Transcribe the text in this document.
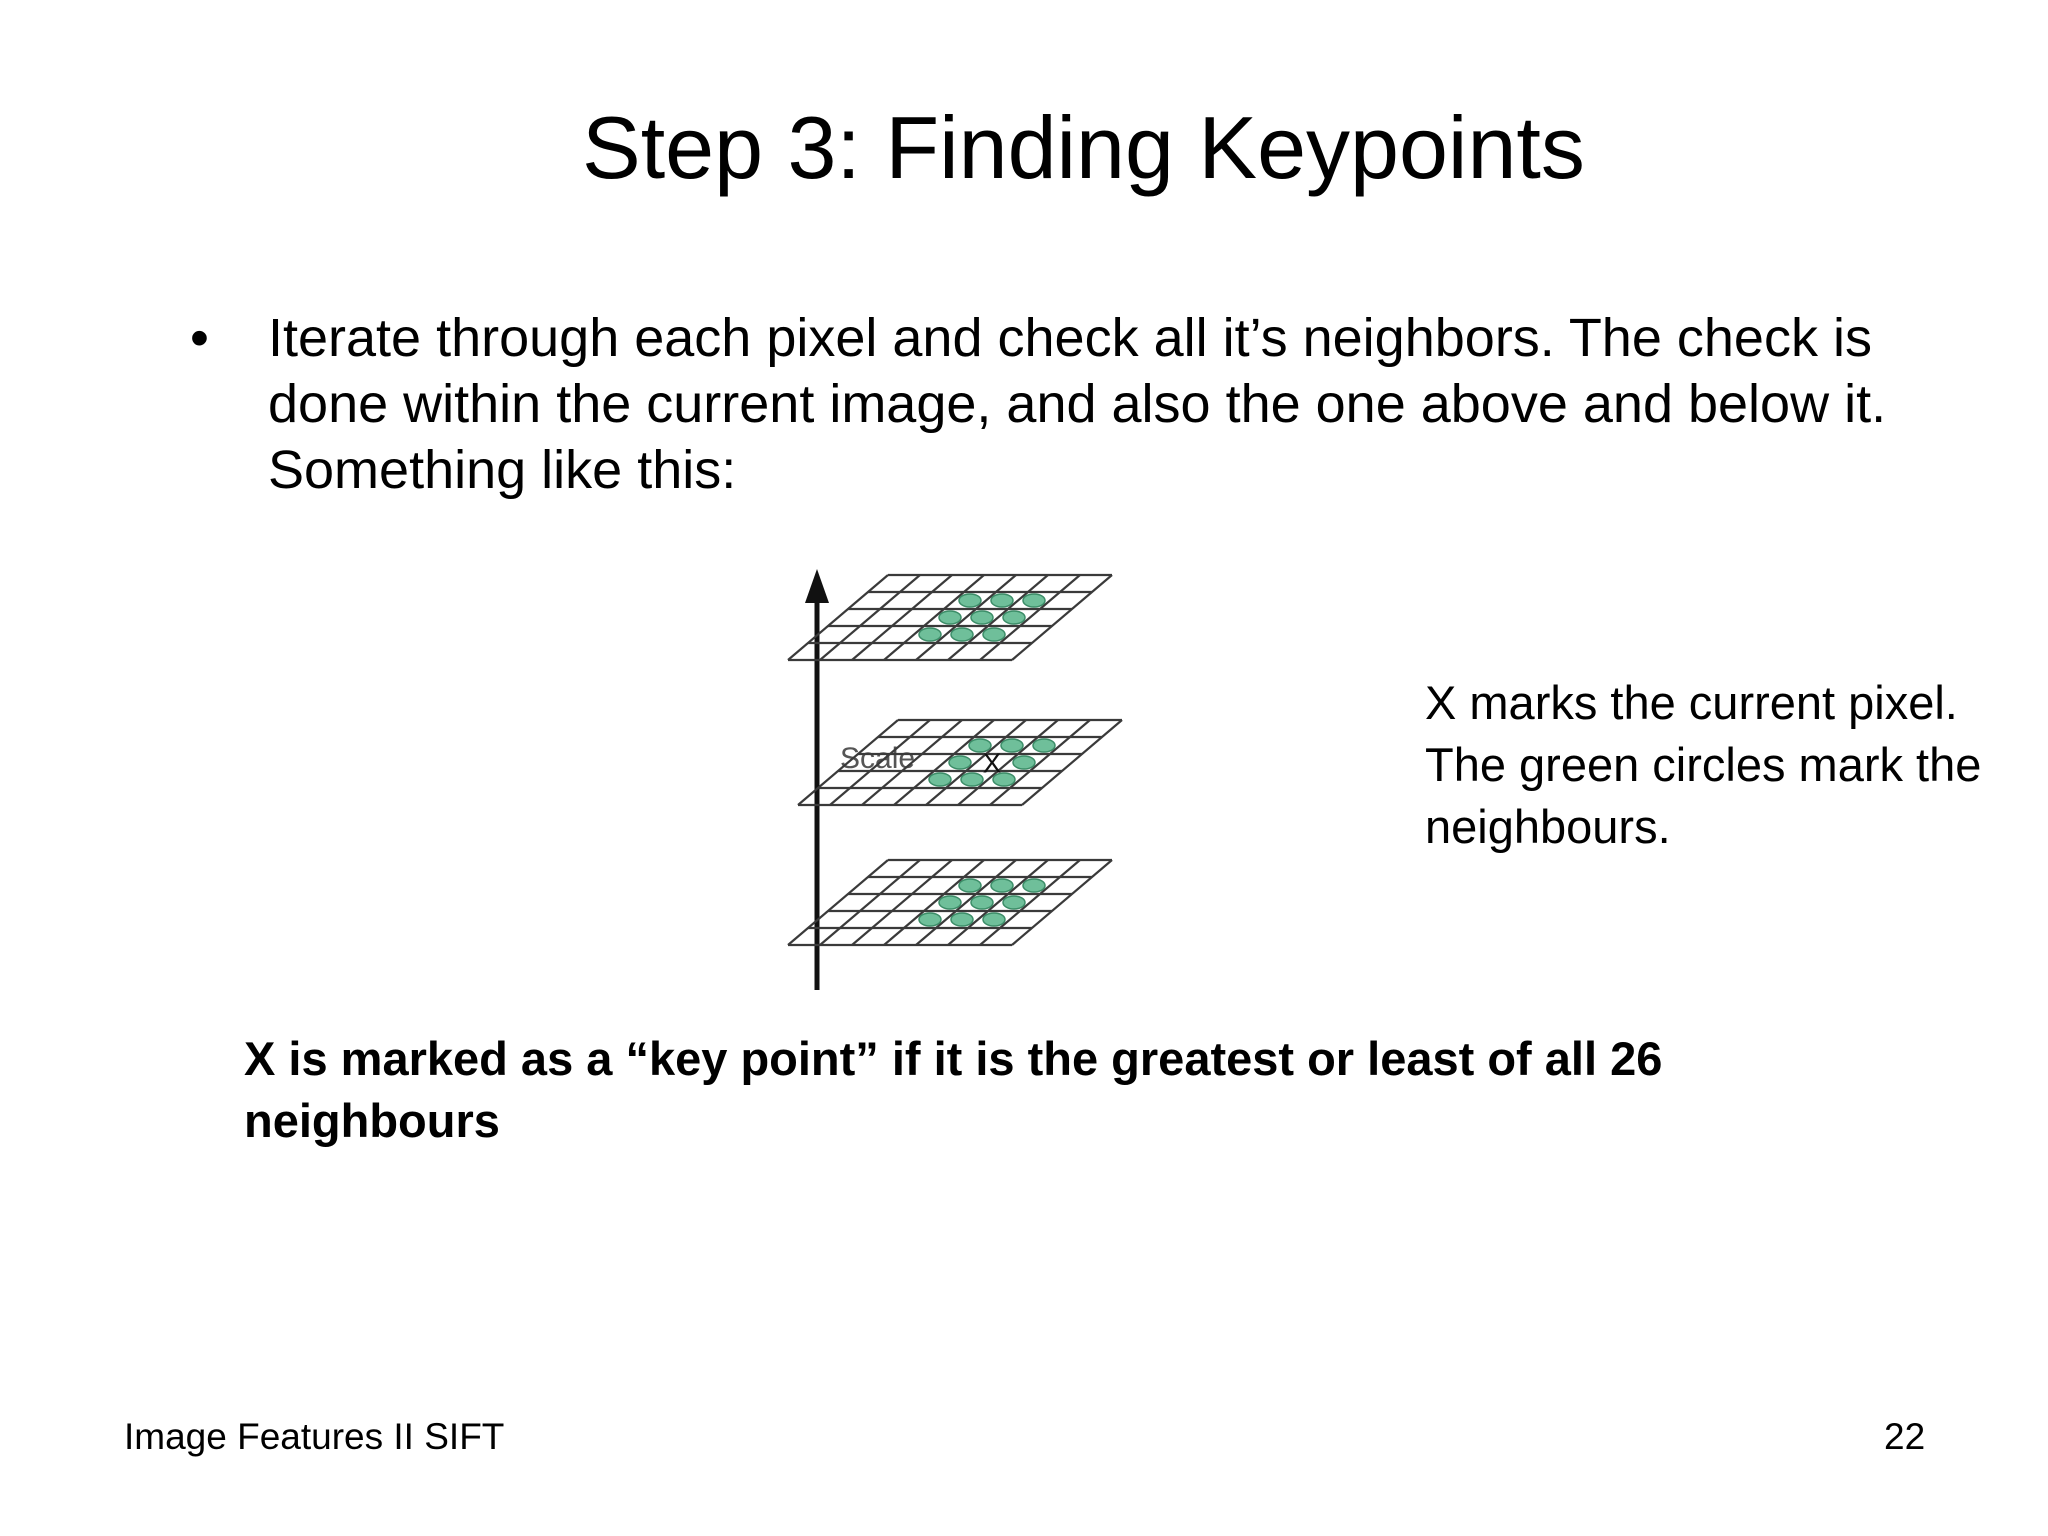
Step 3: Finding Keypoints
• Iterate through each pixel and check all it’s neighbors. The check is done within the current image, and also the one above and below it. Something like this:
Scale X
X marks the current pixel.
The green circles mark the neighbours.
X is marked as a “key point” if it is the greatest or least of all 26 neighbours
Image Features II SIFT	22
